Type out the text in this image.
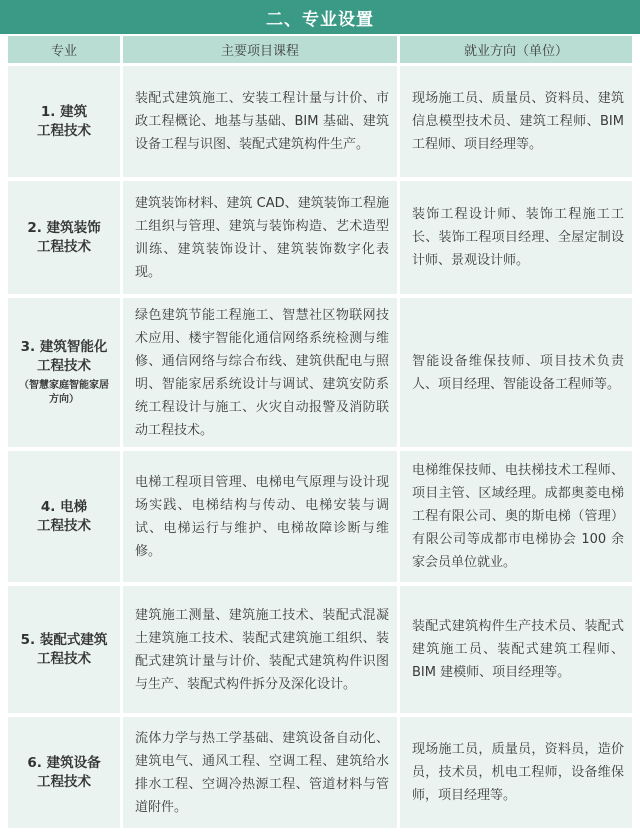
二、专业设置
专业	主要项目课程	就业方向（单位）
1. 建筑
工程技术
装配式建筑施工、安装工程计量与计价、市政工程概论、地基与基础、BIM 基础、建筑设备工程与识图、装配式建筑构件生产。
现场施工员、质量员、资料员、建筑信息模型技术员、建筑工程师、BIM 工程师、项目经理等。
2. 建筑装饰
工程技术
建筑装饰材料、建筑 CAD、建筑装饰工程施工组织与管理、建筑与装饰构造、艺术造型训练、建筑装饰设计、建筑装饰数字化表现。
装饰工程设计师、装饰工程施工工长、装饰工程项目经理、全屋定制设计师、景观设计师。
3. 建筑智能化
工程技术
（智慧家庭智能家居方向）
绿色建筑节能工程施工、智慧社区物联网技术应用、楼宇智能化通信网络系统检测与维修、通信网络与综合布线、建筑供配电与照明、智能家居系统设计与调试、建筑安防系统工程设计与施工、火灾自动报警及消防联动工程技术。
智能设备维保技师、项目技术负责人、项目经理、智能设备工程师等。
4. 电梯
工程技术
电梯工程项目管理、电梯电气原理与设计现场实践、电梯结构与传动、电梯安装与调试、电梯运行与维护、电梯故障诊断与维修。
电梯维保技师、电扶梯技术工程师、项目主管、区域经理。成都奥菱电梯工程有限公司、奥的斯电梯（管理）有限公司等成都市电梯协会 100 余家会员单位就业。
5. 装配式建筑
工程技术
建筑施工测量、建筑施工技术、装配式混凝土建筑施工技术、装配式建筑施工组织、装配式建筑计量与计价、装配式建筑构件识图与生产、装配式构件拆分及深化设计。
装配式建筑构件生产技术员、装配式建筑施工员、装配式建筑工程师、BIM 建模师、项目经理等。
6. 建筑设备
工程技术
流体力学与热工学基础、建筑设备自动化、建筑电气、通风工程、空调工程、建筑给水排水工程、空调冷热源工程、管道材料与管道附件。
现场施工员，质量员，资料员，造价员，技术员，机电工程师，设备维保师，项目经理等。
